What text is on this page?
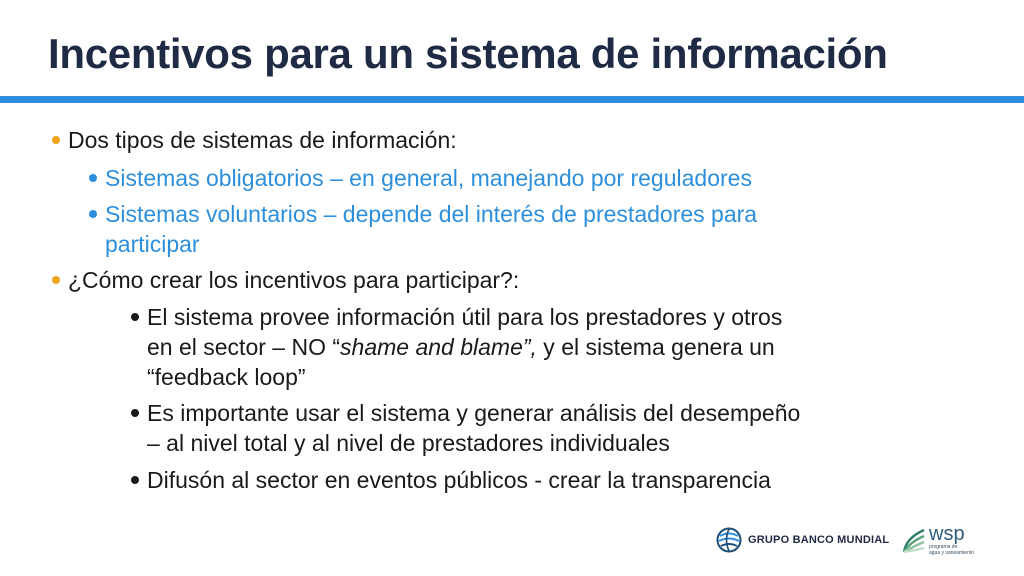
Incentivos para un sistema de información
Dos tipos de sistemas de información:
Sistemas obligatorios – en general, manejando por reguladores
Sistemas voluntarios – depende del interés de prestadores para
participar
¿Cómo crear los incentivos para participar?:
El sistema provee información útil para los prestadores y otros
en el sector – NO “shame and blame”, y el sistema genera un
“feedback loop”
Es importante usar el sistema y generar análisis del desempeño
– al nivel total y al nivel de prestadores individuales
Difusón al sector en eventos públicos - crear la transparencia
GRUPO BANCO MUNDIAL wsp
programa de
agua y saneamiento
